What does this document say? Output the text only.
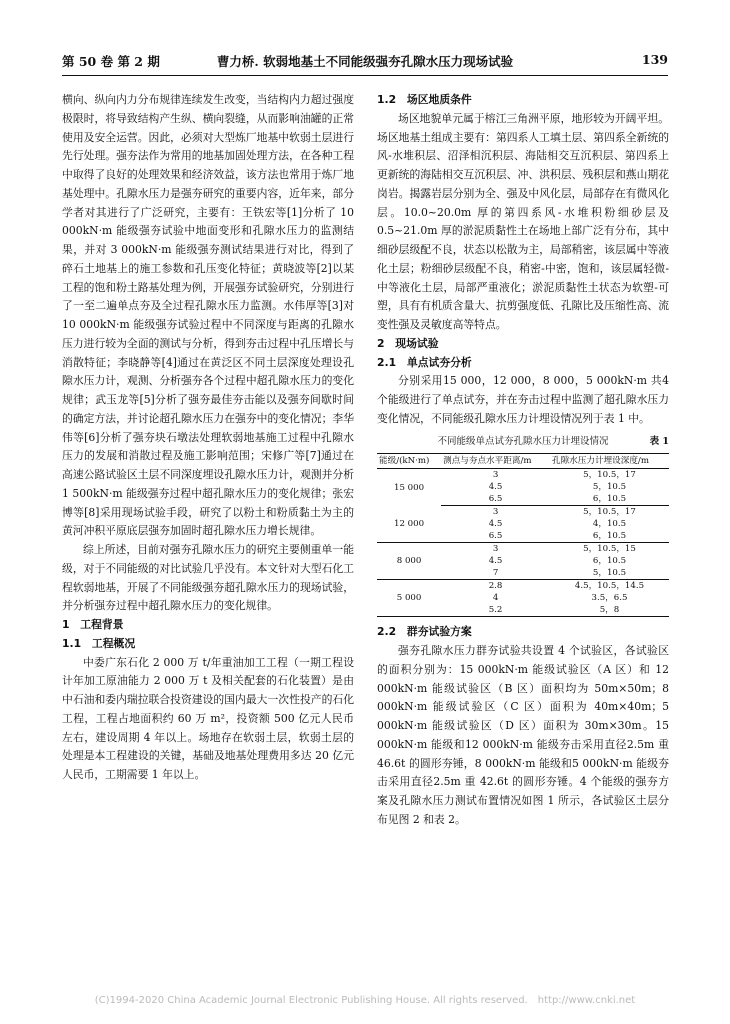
第 50 卷 第 2 期	曹力桥. 软弱地基土不同能级强夯孔隙水压力现场试验	139

横向、纵向内力分布规律连续发生改变，当结构内力超过强度极限时，将导致结构产生纵、横向裂缝，从而影响油罐的正常使用及安全运营。因此，必须对大型炼厂地基中软弱土层进行先行处理。强夯法作为常用的地基加固处理方法，在各种工程中取得了良好的处理效果和经济效益，该方法也常用于炼厂地基处理中。孔隙水压力是强夯研究的重要内容，近年来，部分学者对其进行了广泛研究，主要有：王铁宏等[1]分析了 10 000kN·m 能级强夯试验中地面变形和孔隙水压力的监测结果，并对 3 000kN·m 能级强夯测试结果进行对比，得到了碎石土地基上的施工参数和孔压变化特征；黄晓波等[2]以某工程的饱和粉土路基处理为例，开展强夯试验研究，分别进行了一至二遍单点夯及全过程孔隙水压力监测。水伟厚等[3]对 10 000kN·m 能级强夯试验过程中不同深度与距离的孔隙水压力进行较为全面的测试与分析，得到夯击过程中孔压增长与消散特征；李晓静等[4]通过在黄泛区不同土层深度处理设孔隙水压力计，观测、分析强夯各个过程中超孔隙水压力的变化规律；武玉龙等[5]分析了强夯最佳夯击能以及强夯间歇时间的确定方法，并讨论超孔隙水压力在强夯中的变化情况；李华伟等[6]分析了强夯块石墩法处理软弱地基施工过程中孔隙水压力的发展和消散过程及施工影响范围；宋修广等[7]通过在高速公路试验区土层不同深度埋设孔隙水压力计，观测并分析 1 500kN·m 能级强夯过程中超孔隙水压力的变化规律；张宏博等[8]采用现场试验手段，研究了以粉土和粉质黏土为主的黄河冲积平原底层强夯加固时超孔隙水压力增长规律。

综上所述，目前对强夯孔隙水压力的研究主要侧重单一能级，对于不同能级的对比试验几乎没有。本文针对大型石化工程软弱地基，开展了不同能级强夯超孔隙水压力的现场试验，并分析强夯过程中超孔隙水压力的变化规律。

1　工程背景
1.1　工程概况

中委广东石化 2 000 万 t/年重油加工工程（一期工程设计年加工原油能力 2 000 万 t 及相关配套的石化装置）是由中石油和委内瑞拉联合投资建设的国内最大一次性投产的石化工程，工程占地面积约 60 万 m²，投资额 500 亿元人民币左右，建设周期 4 年以上。场地存在软弱土层，软弱土层的处理是本工程建设的关键，基础及地基处理费用多达 20 亿元人民币，工期需要 1 年以上。

1.2　场区地质条件

场区地貌单元属于榕江三角洲平原，地形较为开阔平坦。场区地基土组成主要有：第四系人工填土层、第四系全新统的风-水堆积层、沼泽相沉积层、海陆相交互沉积层、第四系上更新统的海陆相交互沉积层、冲、洪积层、残积层和燕山期花岗岩。揭露岩层分别为全、强及中风化层，局部存在有微风化层。10.0~20.0m 厚的第四系风-水堆积粉细砂层及 0.5~21.0m 厚的淤泥质黏性土在场地上部广泛有分布，其中细砂层级配不良，状态以松散为主，局部稍密，该层属中等液化土层；粉细砂层级配不良，稍密-中密，饱和，该层属轻微-中等液化土层，局部严重液化；淤泥质黏性土状态为软塑-可塑，具有有机质含量大、抗剪强度低、孔隙比及压缩性高、流变性强及灵敏度高等特点。

2　现场试验
2.1　单点试夯分析

分别采用15 000，12 000，8 000，5 000kN·m 共4个能级进行了单点试夯，并在夯击过程中监测了超孔隙水压力变化情况，不同能级孔隙水压力计埋设情况列于表 1 中。

不同能级单点试夯孔隙水压力计埋设情况	表 1
能级/(kN·m)	测点与夯点水平距离/m	孔隙水压力计埋设深度/m
15 000	3	5，10.5，17
	4.5	5，10.5
	6.5	6，10.5
12 000	3	5，10.5，17
	4.5	4，10.5
	6.5	6，10.5
8 000	3	5，10.5，15
	4.5	6，10.5
	7	5，10.5
5 000	2.8	4.5，10.5，14.5
	4	3.5，6.5
	5.2	5，8
2.2　群夯试验方案

强夯孔隙水压力群夯试验共设置 4 个试验区，各试验区的面积分别为：15 000kN·m 能级试验区（A 区）和 12 000kN·m 能级试验区（B 区）面积均为 50m×50m；8 000kN·m 能级试验区（C 区）面积为 40m×40m；5 000kN·m 能级试验区（D 区）面积为 30m×30m。15 000kN·m 能级和12 000kN·m 能级夯击采用直径2.5m 重 46.6t 的圆形夯锤，8 000kN·m 能级和5 000kN·m 能级夯击采用直径2.5m 重 42.6t 的圆形夯锤。4 个能级的强夯方案及孔隙水压力测试布置情况如图 1 所示，各试验区土层分布见图 2 和表 2。

(C)1994-2020 China Academic Journal Electronic Publishing House. All rights reserved.　http://www.cnki.net
